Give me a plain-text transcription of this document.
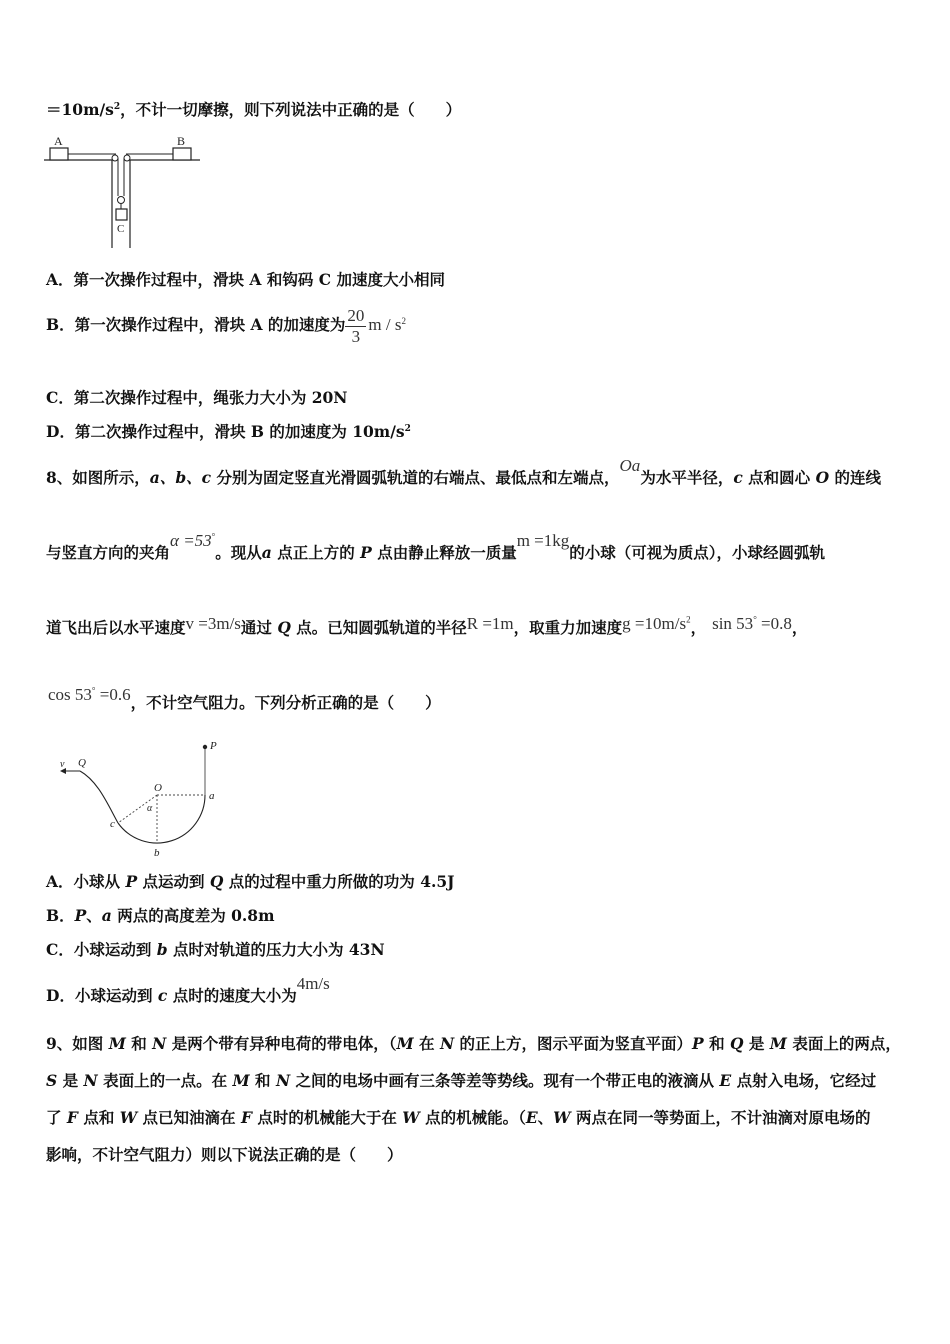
$=10m/s^2$，不计一切摩擦，则下列说法中正确的是（　　）
A	B
C
A．第一次操作过程中，滑块 A 和钩码 C 加速度大小相同
B．第一次操作过程中，滑块 A 的加速度为 $\frac{20}{3}$ m / $s^2$
C．第二次操作过程中，绳张力大小为 20N
D．第二次操作过程中，滑块 B 的加速度为 $10m/s^2$
8、如图所示，a、b、c 分别为固定竖直光滑圆弧轨道的右端点、最低点和左端点，Oa为水平半径，c 点和圆心 O 的连线
与竖直方向的夹角α =53°。现从a 点正上方的 P 点由静止释放一质量m =1kg的小球（可视为质点），小球经圆弧轨
道飞出后以水平速度v =3m/s通过 Q 点。已知圆弧轨道的半径R =1m，取重力加速度$g =10m/s^2$， sin 53° =0.8，
cos 53° =0.6，不计空气阻力。下列分析正确的是（　　）
P
v Q
O
α
a
c
b
A．小球从 P 点运动到 Q 点的过程中重力所做的功为 4.5J
B．P、a 两点的高度差为 0.8m
C．小球运动到 b 点时对轨道的压力大小为 43N
D．小球运动到 c 点时的速度大小为4m/s
9、如图 M 和 N 是两个带有异种电荷的带电体，（M 在 N 的正上方，图示平面为竖直平面）P 和 Q 是 M 表面上的两点，
S 是 N 表面上的一点。在 M 和 N 之间的电场中画有三条等差等势线。现有一个带正电的液滴从 E 点射入电场，它经过
了 F 点和 W 点已知油滴在 F 点时的机械能大于在 W 点的机械能。（E、W 两点在同一等势面上，不计油滴对原电场的
影响，不计空气阻力）则以下说法正确的是（　　）
